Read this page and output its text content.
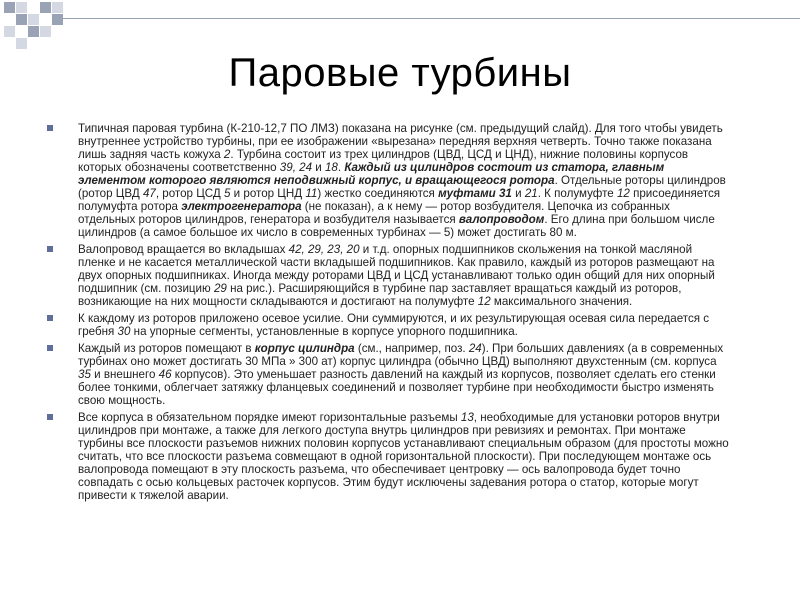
Паровые турбины
Типичная паровая турбина (К-210-12,7 ПО ЛМЗ) показана на рисунке (см. предыдущий слайд). Для того чтобы увидеть внутреннее устройство турбины, при ее изображении «вырезана» передняя верхняя четверть. Точно также показана лишь задняя часть кожуха 2. Турбина состоит из трех цилиндров (ЦВД, ЦСД и ЦНД), нижние половины корпусов которых обозначены соответственно 39, 24 и 18. Каждый из цилиндров состоит из статора, главным элементом которого являются неподвижный корпус, и вращающегося ротора. Отдельные роторы цилиндров (ротор ЦВД 47, ротор ЦСД 5 и ротор ЦНД 11) жестко соединяются муфтами 31 и 21. К полумуфте 12 присоединяется полумуфта ротора электрогенератора (не показан), а к нему — ротор возбудителя. Цепочка из собранных отдельных роторов цилиндров, генератора и возбудителя называется валопроводом. Его длина при большом числе цилиндров (а самое большое их число в современных турбинах — 5) может достигать 80 м.
Валопровод вращается во вкладышах 42, 29, 23, 20 и т.д. опорных подшипников скольжения на тонкой масляной пленке и не касается металлической части вкладышей подшипников. Как правило, каждый из роторов размещают на двух опорных подшипниках. Иногда между роторами ЦВД и ЦСД устанавливают только один общий для них опорный подшипник (см. позицию 29 на рис.). Расширяющийся в турбине пар заставляет вращаться каждый из роторов, возникающие на них мощности складываются и достигают на полумуфте 12 максимального значения.
К каждому из роторов приложено осевое усилие. Они суммируются, и их результирующая осевая сила передается с гребня 30 на упорные сегменты, установленные в корпусе упорного подшипника.
Каждый из роторов помещают в корпус цилиндра (см., например, поз. 24). При больших давлениях (а в современных турбинах оно может достигать 30 МПа » 300 ат) корпус цилиндра (обычно ЦВД) выполняют двухстенным (см. корпуса 35 и внешнего 46 корпусов). Это уменьшает разность давлений на каждый из корпусов, позволяет сделать его стенки более тонкими, облегчает затяжку фланцевых соединений и позволяет турбине при необходимости быстро изменять свою мощность.
Все корпуса в обязательном порядке имеют горизонтальные разъемы 13, необходимые для установки роторов внутри цилиндров при монтаже, а также для легкого доступа внутрь цилиндров при ревизиях и ремонтах. При монтаже турбины все плоскости разъемов нижних половин корпусов устанавливают специальным образом (для простоты можно считать, что все плоскости разъема совмещают в одной горизонтальной плоскости). При последующем монтаже ось валопровода помещают в эту плоскость разъема, что обеспечивает центровку — ось валопровода будет точно совпадать с осью кольцевых расточек корпусов. Этим будут исключены задевания ротора о статор, которые могут привести к тяжелой аварии.
